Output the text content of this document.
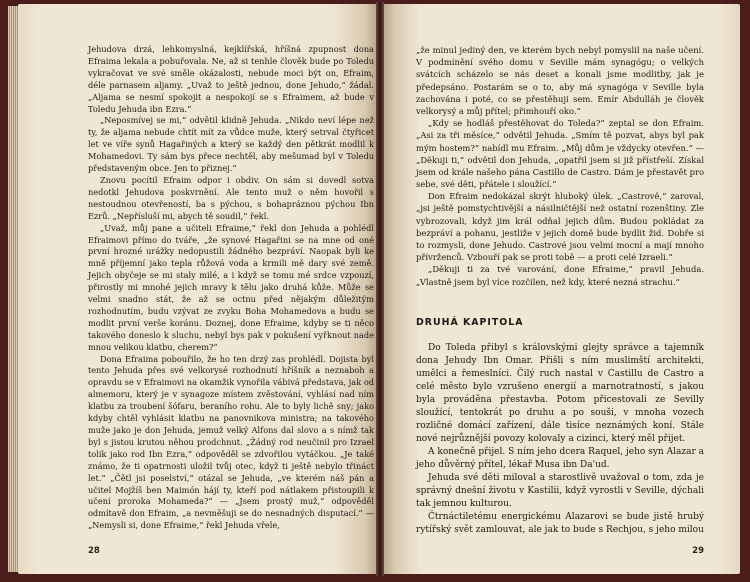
Jehudova drzá, lehkomyslná, kejklířská, hříšná zpupnost dona Efraima lekala a pobuřovala. Ne, až si tenhle člověk bude po Toledu vykračovat ve své směle okázalosti, nebude moci být on, Efraim, déle parnasem aljamy. „Uvaž to ještě jednou, done Jehudo,“ žádal. „Aljama se nesmí spokojit a nespokojí se s Efraimem, až bude v Toledu Jehuda ibn Ezra.“

„Neposmívej se mi,“ odvětil klidně Jehuda. „Nikdo neví lépe než ty, že aljama nebude chtít mít za vůdce muže, který setrval čtyřicet let ve víře synů Hagařiných a který se každý den pětkrát modlil k Mohamedovi. Ty sám bys přece nechtěl, aby mešumad byl v Toledu představeným obce. Jen to přiznej.“

Znovu pocítil Efraim odpor i obdiv. On sám si dovedl sotva nedotkl Jehudova poskvrnění. Ale tento muž o něm hovořil s nestoudnou otevřeností, ba s pýchou, s bohapráznou pýchou Ibn Ezrů. „Nepřísluší mi, abych tě soudil,“ řekl.

„Uvaž, můj pane a učiteli Efraime,“ řekl don Jehuda a pohlédl Efraimovi přímo do tváře, „že synové Hagařini se na mne od oné první hrozné urážky nedopustili žádného bezpráví. Naopak byli ke mně příjemní jako tepla růžová voda a krmili mě dary své země. Jejich obyčeje se mi staly milé, a i když se tomu mé srdce vzpouzí, přirostly mi mnohé jejich mravy k tělu jako druhá kůže. Může se velmi snadno stát, že až se octnu před nějakým důležitým rozhodnutím, budu vzývat ze zvyku Boha Mohamedova a budu se modlit první verše koránu. Doznej, done Efraime, kdyby se ti něco takového doneslo k sluchu, nebyl bys pak v pokušení vyřknout nade mnou velikou klatbu, cherem?“

Dona Efraima pobouřilo, že ho ten drzý zas prohlédl. Dojista byl tento Jehuda přes své velkorysé rozhodnutí hříšník a neznaboh a opravdu se v Efraimovi na okamžik vynořila vábivá představa, jak od almemoru, který je v synagoze místem zvěstování, vyhlásí nad ním klatbu za troubení šófaru, beraního rohu. Ale to byly lichě sny; jako kdyby chtěl vyhlásit klatbu na panovnikova ministra; na takového muže jako je don Jehuda, jemuž velký Alfons dal slovo a s nímž tak byl s jistou krutou něhou prodchnut. „Žádný rod neučinil pro Izrael tolik jako rod Ibn Ezra,“ odpověděl se zdvořilou vytáčkou. „Je také známo, že ti opatrnosti uložil tvůj otec, když ti ještě nebylo třináct let.“ „Čětl jsi poselství,“ otázal se Jehuda, „ve kterém náš pán a učitel Mojžíš ben Maimón hájí ty, kteří pod nátlakem přistoupili k učení proroka Mohameda?“ — „Jsem prostý muž,“ odpověděl odmítavě don Efraim, „a nevměšuji se do nesnadných disputací.“ — „Nemysli si, done Efraime,“ řekl Jehuda vřele,

28

„že minul jediný den, ve kterém bych nebyl pomyslil na naše učení. V podmínění svého domu v Seville mám synagógu; o velkých svátcích scházelo se nás deset a konali jsme modlitby, jak je předepsáno. Postarám se o to, aby má synagóga v Seville byla zachována i poté, co se přestěhuji sem. Emír Abdulláh je člověk velkorysý a můj přítel; přimhouří oko.“

„Kdy se hodláš přestěhovat do Toleda?“ zeptal se don Efraim. „Asi za tři měsíce,“ odvětil Jehuda. „Smím tě pozvat, abys byl pak mým hostem?“ nabídl mu Efraim. „Můj dům je vždycky otevřen.“ — „Děkuji ti,“ odvětil don Jehuda, „opatřil jsem si již přístřeší. Získal jsem od krále našeho pána Castillo de Castro. Dám je přestavět pro sebe, své děti, přátele i sloužící.“

Don Efraim nedokázal skrýt hluboký úlek. „Castrově,“ zaroval, „jsi ještě pomstychtivější a násilničtější než ostatní rozenštiny. Zle vybrozovali, když jim král odňal jejich dům. Budou pokládat za bezpráví a pohanu, jestliže v jejich domě bude bydlit žid. Dobře si to rozmysli, done Jehudo. Castrové jsou velmi mocní a mají mnoho přívrženců. Vzbouří pak se proti tobě — a proti celé Izraeli.“

„Děkuji ti za tvé varování, done Efraime,“ pravil Jehuda. „Vlastně jsem byl více rozčilen, než kdy, které nezná strachu.“

DRUHÁ KAPITOLA

Do Toleda přibyl s královskými glejty správce a tajemník dona Jehudy Ibn Omar. Přišli s ním muslimští architekti, umělci a řemeslníci. Čilý ruch nastal v Castillu de Castro a celé město bylo vzrušeno energií a marnotratností, s jakou byla prováděna přestavba. Potom přicestovali ze Sevilly sloužící, tentokrát po druhu a po souši, v mnoha vozech rozličné domácí zařízení, dále tisíce neznámých koní. Stále nové nejrůznější povozy kolovaly a cizinci, který měl přijet.

A konečně přijel. S ním jeho dcera Raquel, jeho syn Alazar a jeho důvěrný přítel, lékař Musa ibn Da'ud.

Jehuda své děti miloval a starostlivě uvažoval o tom, zda je správný dnešní životu v Kastilii, když vyrostli v Seville, dýchali tak jemnou kulturou.

Čtrnáctiletému energickému Alazarovi se bude jistě hrubý rytířský svět zamlouvat, ale jak to bude s Rechjou, s jeho milou

29
